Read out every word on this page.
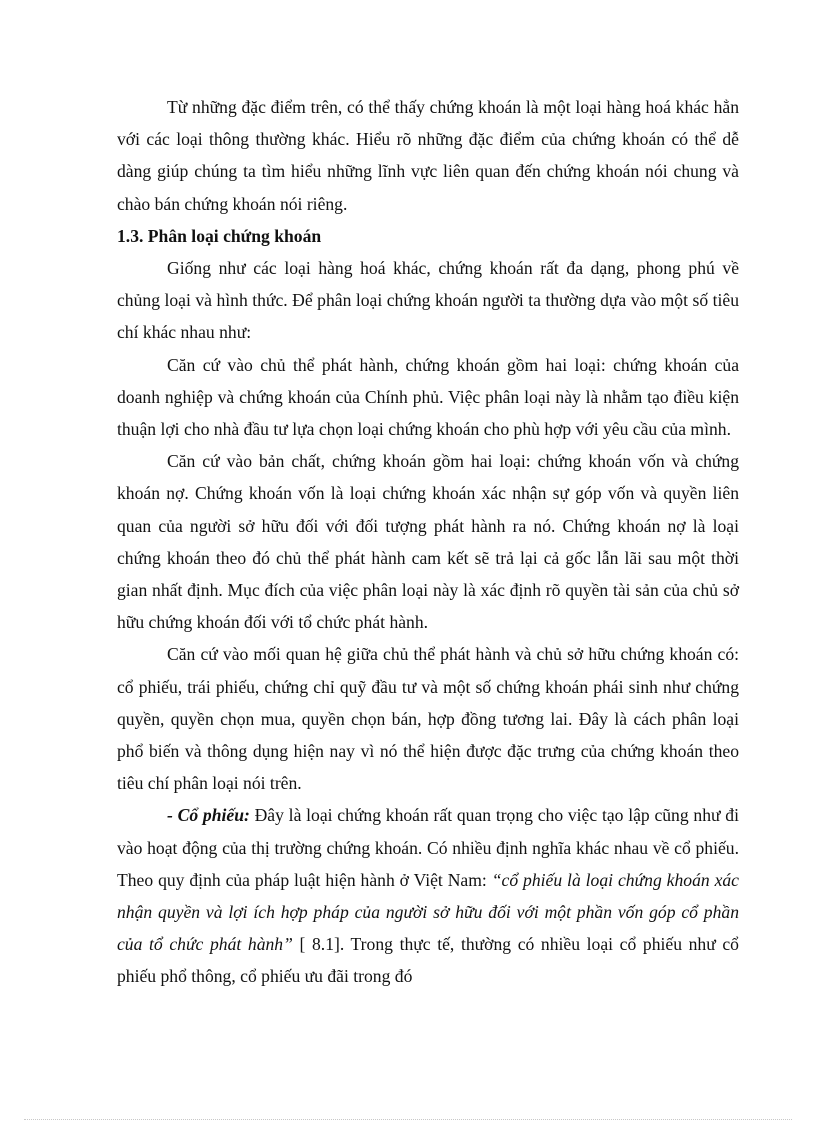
Từ những đặc điểm trên, có thể thấy chứng khoán là một loại hàng hoá khác hẳn với các loại thông thường khác. Hiểu rõ những đặc điểm của chứng khoán có thể dễ dàng giúp chúng ta tìm hiểu những lĩnh vực liên quan đến chứng khoán nói chung và chào bán chứng khoán nói riêng.

1.3. Phân loại chứng khoán

Giống như các loại hàng hoá khác, chứng khoán rất đa dạng, phong phú về chủng loại và hình thức. Để phân loại chứng khoán người ta thường dựa vào một số tiêu chí khác nhau như:

Căn cứ vào chủ thể phát hành, chứng khoán gồm hai loại: chứng khoán của doanh nghiệp và chứng khoán của Chính phủ. Việc phân loại này là nhằm tạo điều kiện thuận lợi cho nhà đầu tư lựa chọn loại chứng khoán cho phù hợp với yêu cầu của mình.

Căn cứ vào bản chất, chứng khoán gồm hai loại: chứng khoán vốn và chứng khoán nợ. Chứng khoán vốn là loại chứng khoán xác nhận sự góp vốn và quyền liên quan của người sở hữu đối với đối tượng phát hành ra nó. Chứng khoán nợ là loại chứng khoán theo đó chủ thể phát hành cam kết sẽ trả lại cả gốc lẫn lãi sau một thời gian nhất định. Mục đích của việc phân loại này là xác định rõ quyền tài sản của chủ sở hữu chứng khoán đối với tổ chức phát hành.

Căn cứ vào mối quan hệ giữa chủ thể phát hành và chủ sở hữu chứng khoán có: cổ phiếu, trái phiếu, chứng chỉ quỹ đầu tư và một số chứng khoán phái sinh như chứng quyền, quyền chọn mua, quyền chọn bán, hợp đồng tương lai. Đây là cách phân loại phổ biến và thông dụng hiện nay vì nó thể hiện được đặc trưng của chứng khoán theo tiêu chí phân loại nói trên.

- Cổ phiếu: Đây là loại chứng khoán rất quan trọng cho việc tạo lập cũng như đi vào hoạt động của thị trường chứng khoán. Có nhiều định nghĩa khác nhau về cổ phiếu. Theo quy định của pháp luật hiện hành ở Việt Nam: “cổ phiếu là loại chứng khoán xác nhận quyền và lợi ích hợp pháp của người sở hữu đối với một phần vốn góp cổ phần của tổ chức phát hành” [ 8.1]. Trong thực tế, thường có nhiều loại cổ phiếu như cổ phiếu phổ thông, cổ phiếu ưu đãi trong đó
